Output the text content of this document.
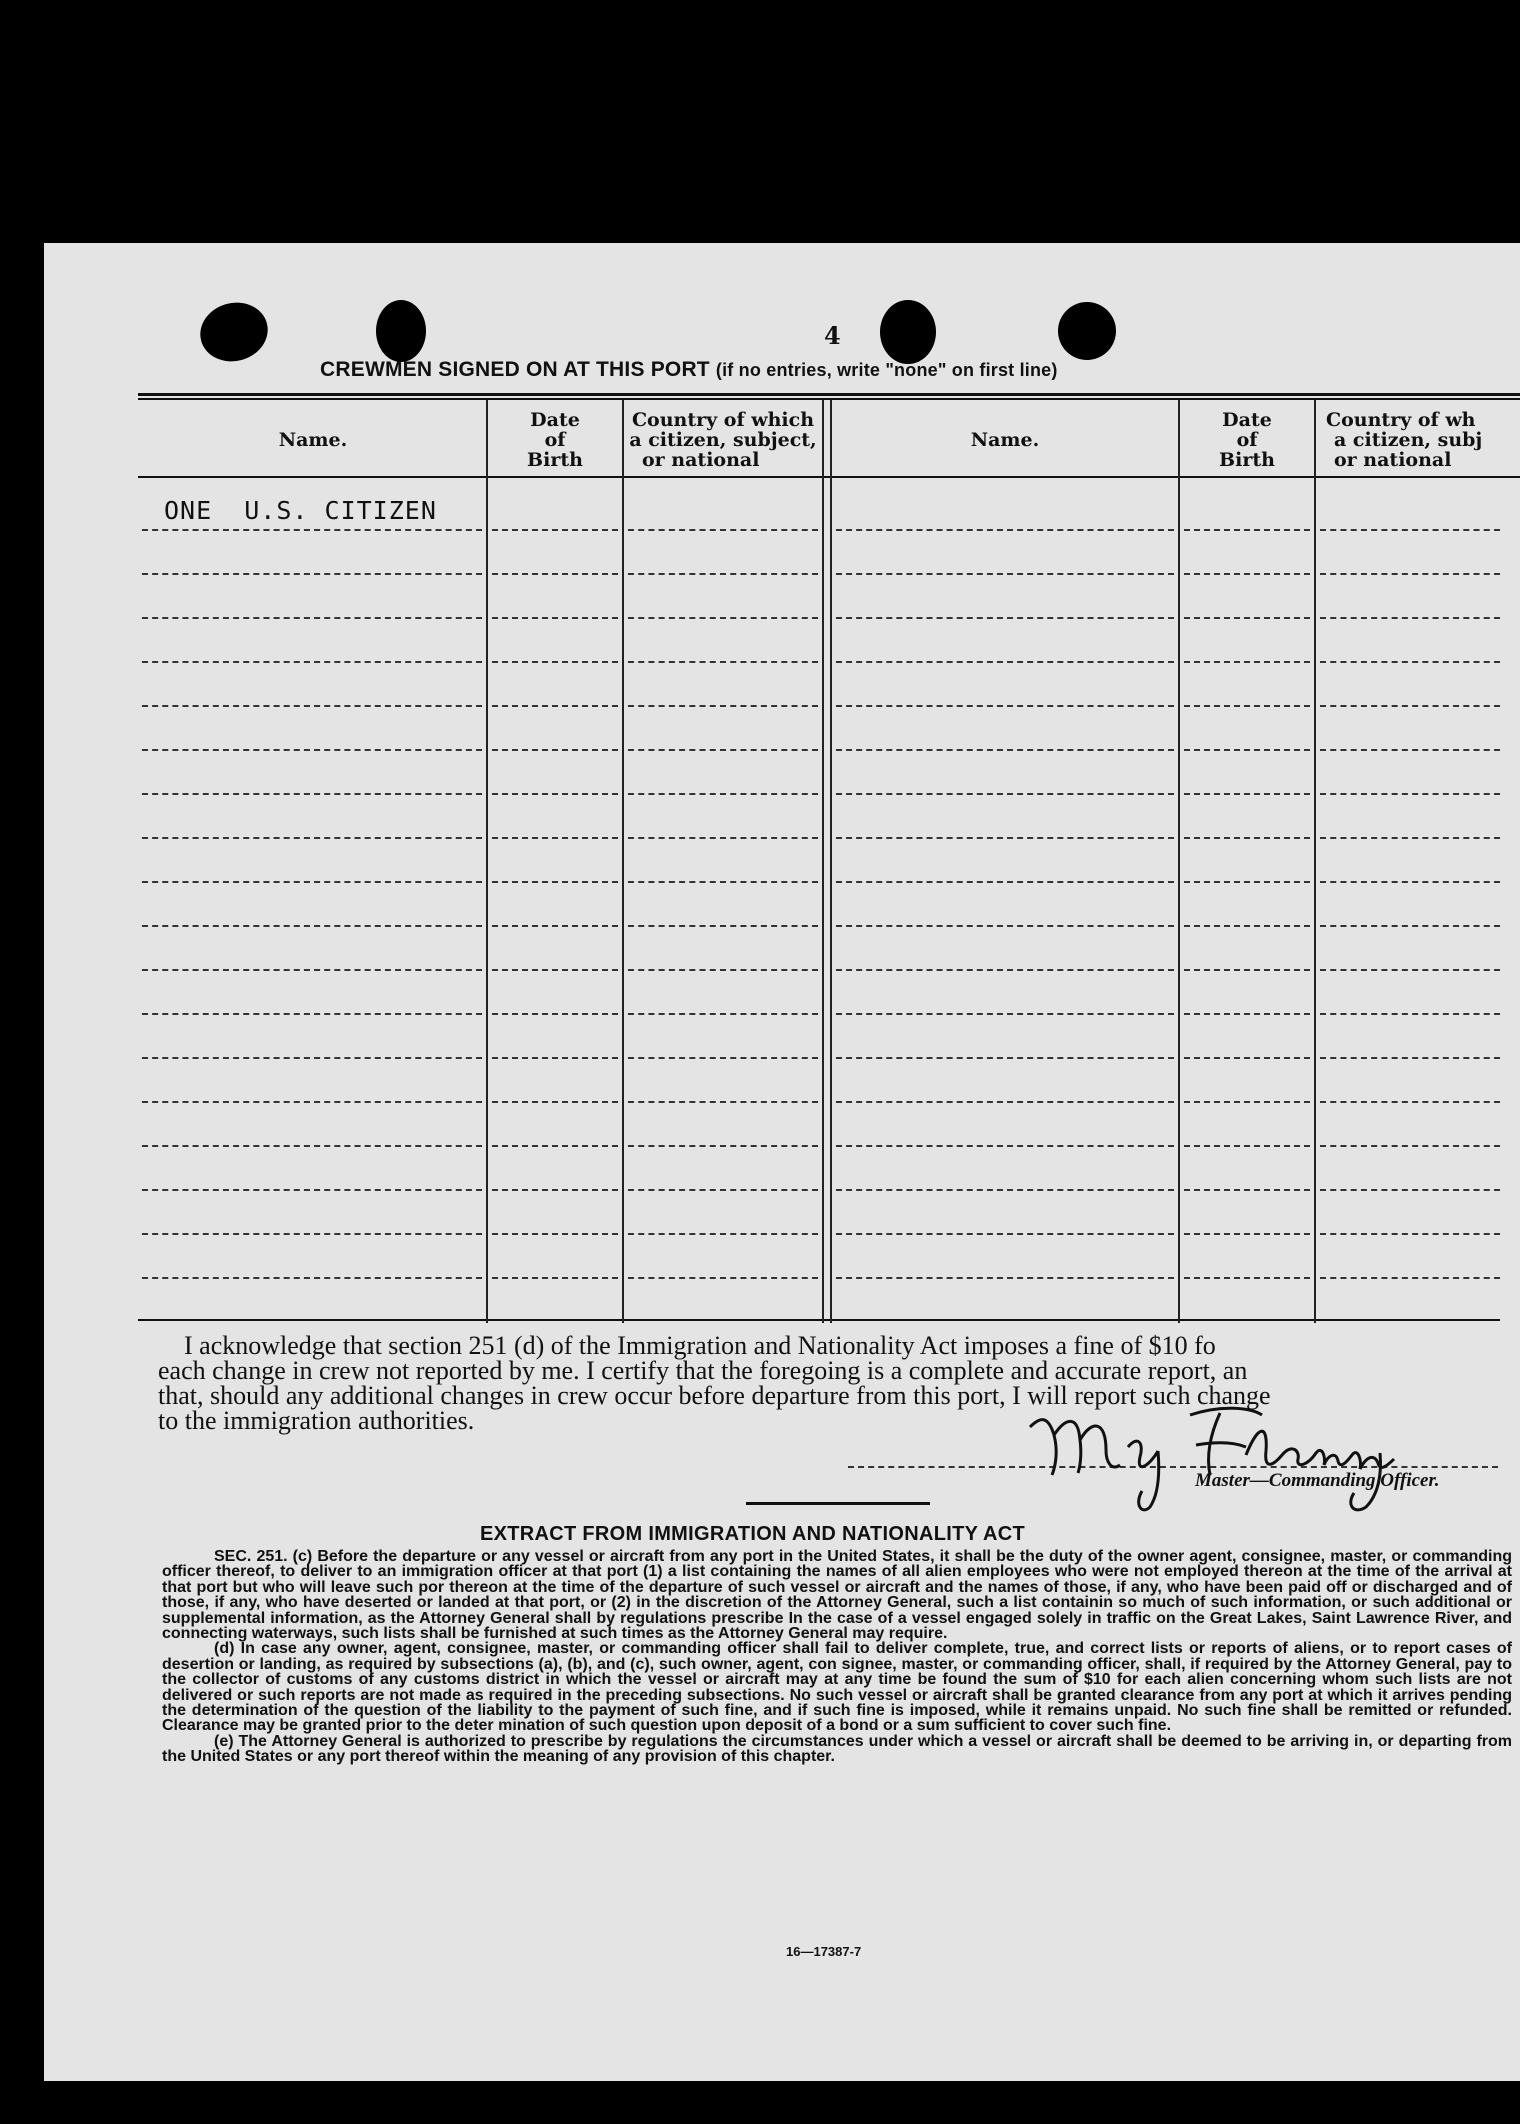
4
CREWMEN SIGNED ON AT THIS PORT (if no entries, write "none" on first line)
Name.
Date
of
Birth
Country of which
a citizen, subject,
or national
Name.
Date
of
Birth
Country of wh
a citizen, subj
or national
ONE  U.S. CITIZEN

I acknowledge that section 251 (d) of the Immigration and Nationality Act imposes a fine of $10 fo

each change in crew not reported by me. I certify that the foregoing is a complete and accurate report, an

that, should any additional changes in crew occur before departure from this port, I will report such change

to the immigration authorities.

Master—Commanding Officer.
EXTRACT FROM IMMIGRATION AND NATIONALITY ACT

SEC. 251. (c) Before the departure or any vessel or aircraft from any port in the United States, it shall be the duty of the owner agent, consignee, master, or commanding officer thereof, to deliver to an immigration officer at that port (1) a list containing the names of all alien employees who were not employed thereon at the time of the arrival at that port but who will leave such por thereon at the time of the departure of such vessel or aircraft and the names of those, if any, who have been paid off or discharged and of those, if any, who have deserted or landed at that port, or (2) in the discretion of the Attorney General, such a list containin so much of such information, or such additional or supplemental information, as the Attorney General shall by regulations prescribe In the case of a vessel engaged solely in traffic on the Great Lakes, Saint Lawrence River, and connecting waterways, such lists shall be furnished at such times as the Attorney General may require.

(d) In case any owner, agent, consignee, master, or commanding officer shall fail to deliver complete, true, and correct lists or reports of aliens, or to report cases of desertion or landing, as required by subsections (a), (b), and (c), such owner, agent, con signee, master, or commanding officer, shall, if required by the Attorney General, pay to the collector of customs of any customs district in which the vessel or aircraft may at any time be found the sum of $10 for each alien concerning whom such lists are not delivered or such reports are not made as required in the preceding subsections. No such vessel or aircraft shall be granted clearance from any port at which it arrives pending the determination of the question of the liability to the payment of such fine, and if such fine is imposed, while it remains unpaid. No such fine shall be remitted or refunded. Clearance may be granted prior to the deter mination of such question upon deposit of a bond or a sum sufficient to cover such fine.

(e) The Attorney General is authorized to prescribe by regulations the circumstances under which a vessel or aircraft shall be deemed to be arriving in, or departing from the United States or any port thereof within the meaning of any provision of this chapter.

16—17387-7
